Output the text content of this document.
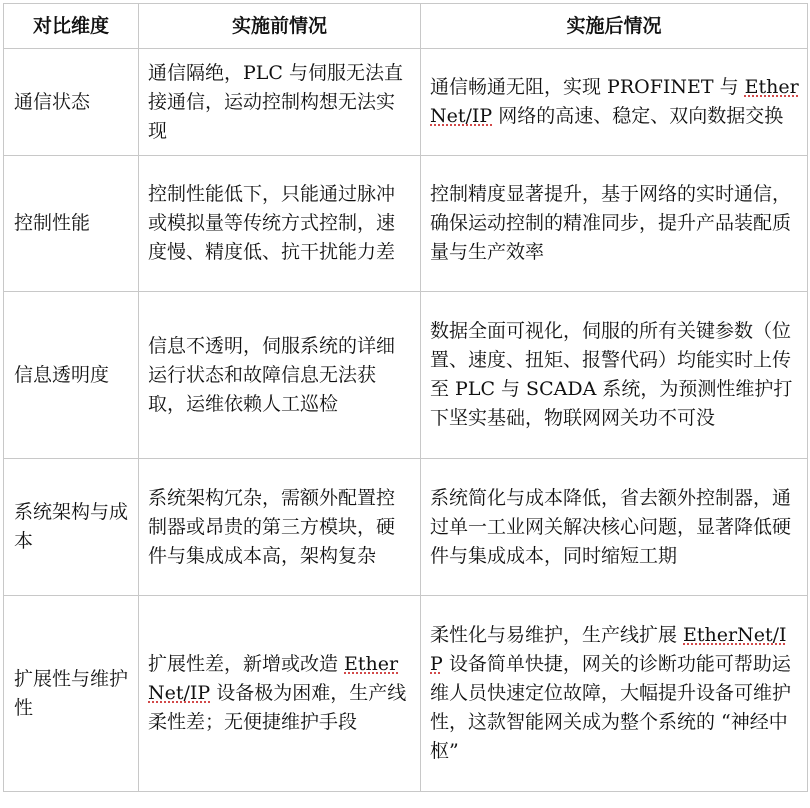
对比维度	实施前情况	实施后情况
通信状态	通信隔绝，PLC 与伺服无法直接通信，运动控制构想无法实现	通信畅通无阻，实现 PROFINET 与 EtherNet/IP 网络的高速、稳定、双向数据交换
控制性能	控制性能低下，只能通过脉冲或模拟量等传统方式控制，速度慢、精度低、抗干扰能力差	控制精度显著提升，基于网络的实时通信，确保运动控制的精准同步，提升产品装配质量与生产效率
信息透明度	信息不透明，伺服系统的详细运行状态和故障信息无法获取，运维依赖人工巡检	数据全面可视化，伺服的所有关键参数（位置、速度、扭矩、报警代码）均能实时上传至 PLC 与 SCADA 系统，为预测性维护打下坚实基础，物联网网关功不可没
系统架构与成本	系统架构冗杂，需额外配置控制器或昂贵的第三方模块，硬件与集成成本高，架构复杂	系统简化与成本降低，省去额外控制器，通过单一工业网关解决核心问题，显著降低硬件与集成成本，同时缩短工期
扩展性与维护性	扩展性差，新增或改造 EtherNet/IP 设备极为困难，生产线柔性差；无便捷维护手段	柔性化与易维护，生产线扩展 EtherNet/IP 设备简单快捷，网关的诊断功能可帮助运维人员快速定位故障，大幅提升设备可维护性，这款智能网关成为整个系统的 “神经中枢”
